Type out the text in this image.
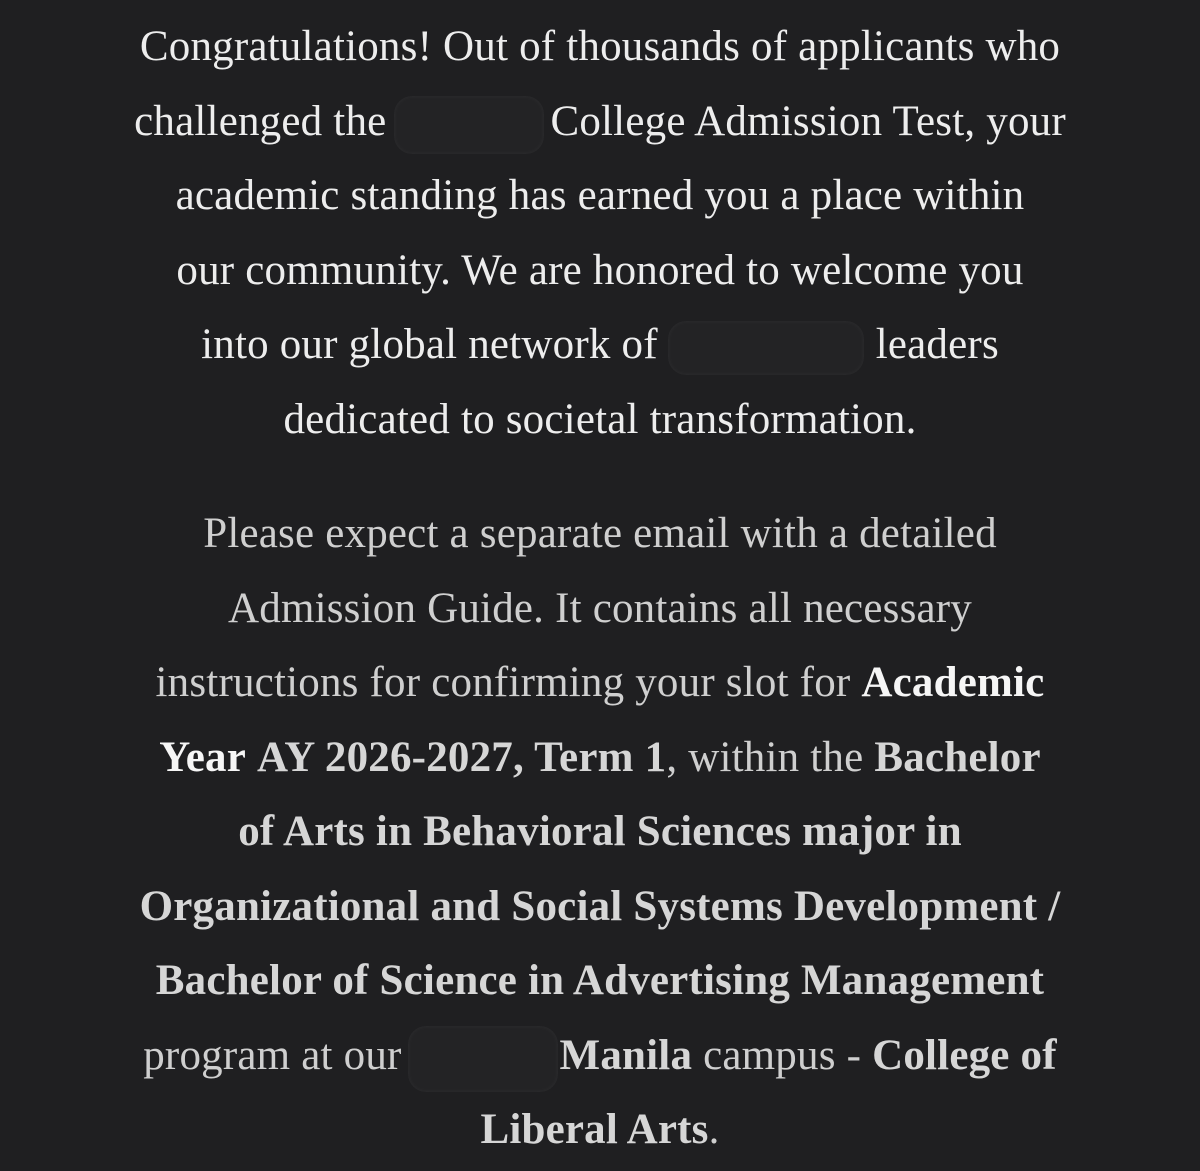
Congratulations! Out of thousands of applicants who
challenged the	College Admission Test, your
academic standing has earned you a place within
our community. We are honored to welcome you
into our global network of	leaders
dedicated to societal transformation.

Please expect a separate email with a detailed
Admission Guide. It contains all necessary
instructions for confirming your slot for Academic
Year AY 2026-2027, Term 1, within the Bachelor
of Arts in Behavioral Sciences major in
Organizational and Social Systems Development /
Bachelor of Science in Advertising Management
program at our	Manila campus - College of
Liberal Arts.
